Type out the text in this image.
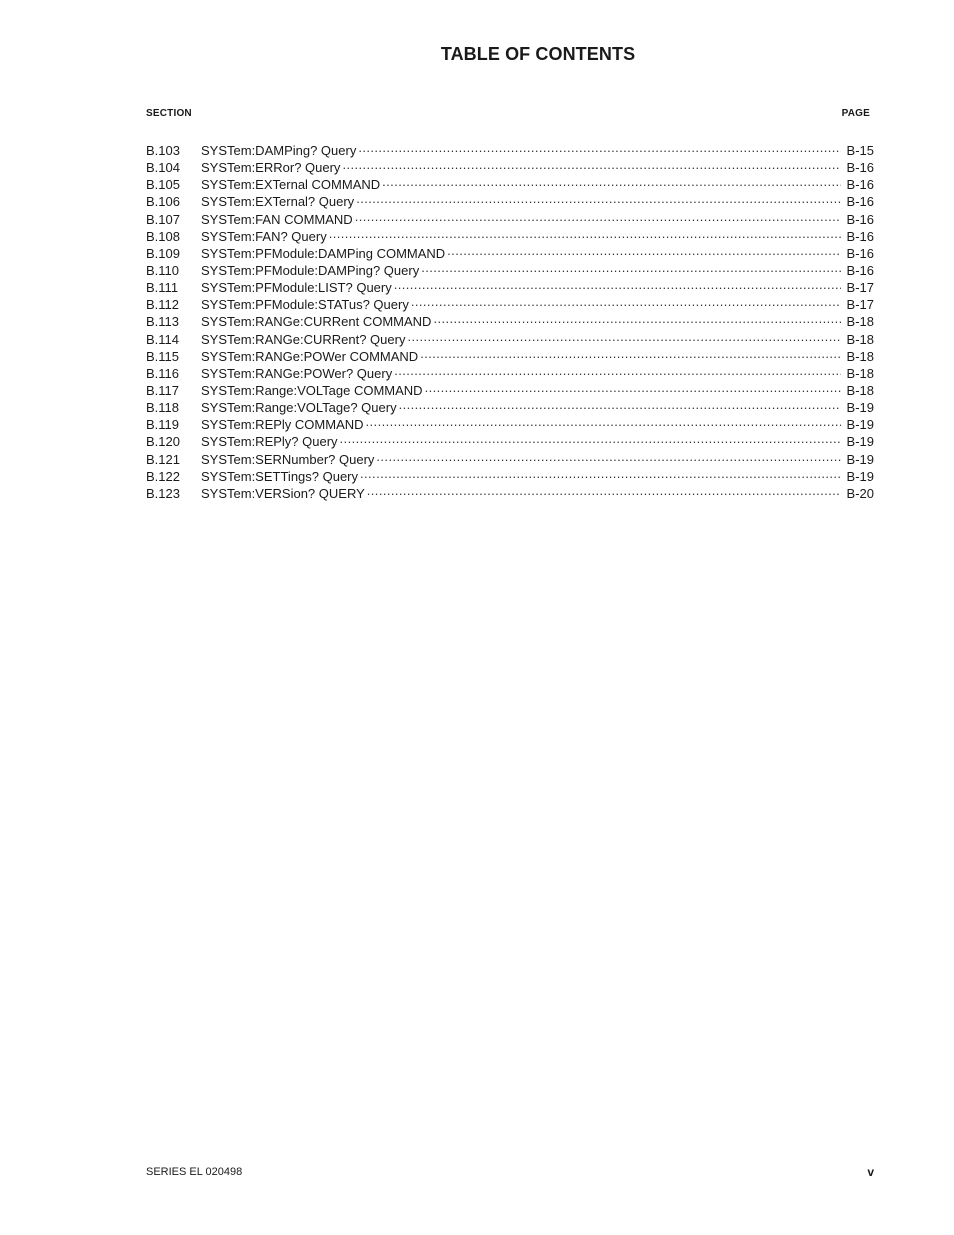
TABLE OF CONTENTS
SECTION	PAGE
B.103	SYSTem:DAMPing? Query .....	B-15
B.104	SYSTem:ERRor? Query .....	B-16
B.105	SYSTem:EXTernal COMMAND .....	B-16
B.106	SYSTem:EXTernal? Query .....	B-16
B.107	SYSTem:FAN COMMAND .....	B-16
B.108	SYSTem:FAN? Query .....	B-16
B.109	SYSTem:PFModule:DAMPing COMMAND .....	B-16
B.110	SYSTem:PFModule:DAMPing? Query .....	B-16
B.111	SYSTem:PFModule:LIST? Query .....	B-17
B.112	SYSTem:PFModule:STATus? Query .....	B-17
B.113	SYSTem:RANGe:CURRent COMMAND .....	B-18
B.114	SYSTem:RANGe:CURRent? Query .....	B-18
B.115	SYSTem:RANGe:POWer COMMAND .....	B-18
B.116	SYSTem:RANGe:POWer? Query .....	B-18
B.117	SYSTem:Range:VOLTage COMMAND .....	B-18
B.118	SYSTem:Range:VOLTage? Query .....	B-19
B.119	SYSTem:REPly COMMAND .....	B-19
B.120	SYSTem:REPly? Query .....	B-19
B.121	SYSTem:SERNumber? Query .....	B-19
B.122	SYSTem:SETTings? Query .....	B-19
B.123	SYSTem:VERSion? QUERY .....	B-20
SERIES EL 020498	v
